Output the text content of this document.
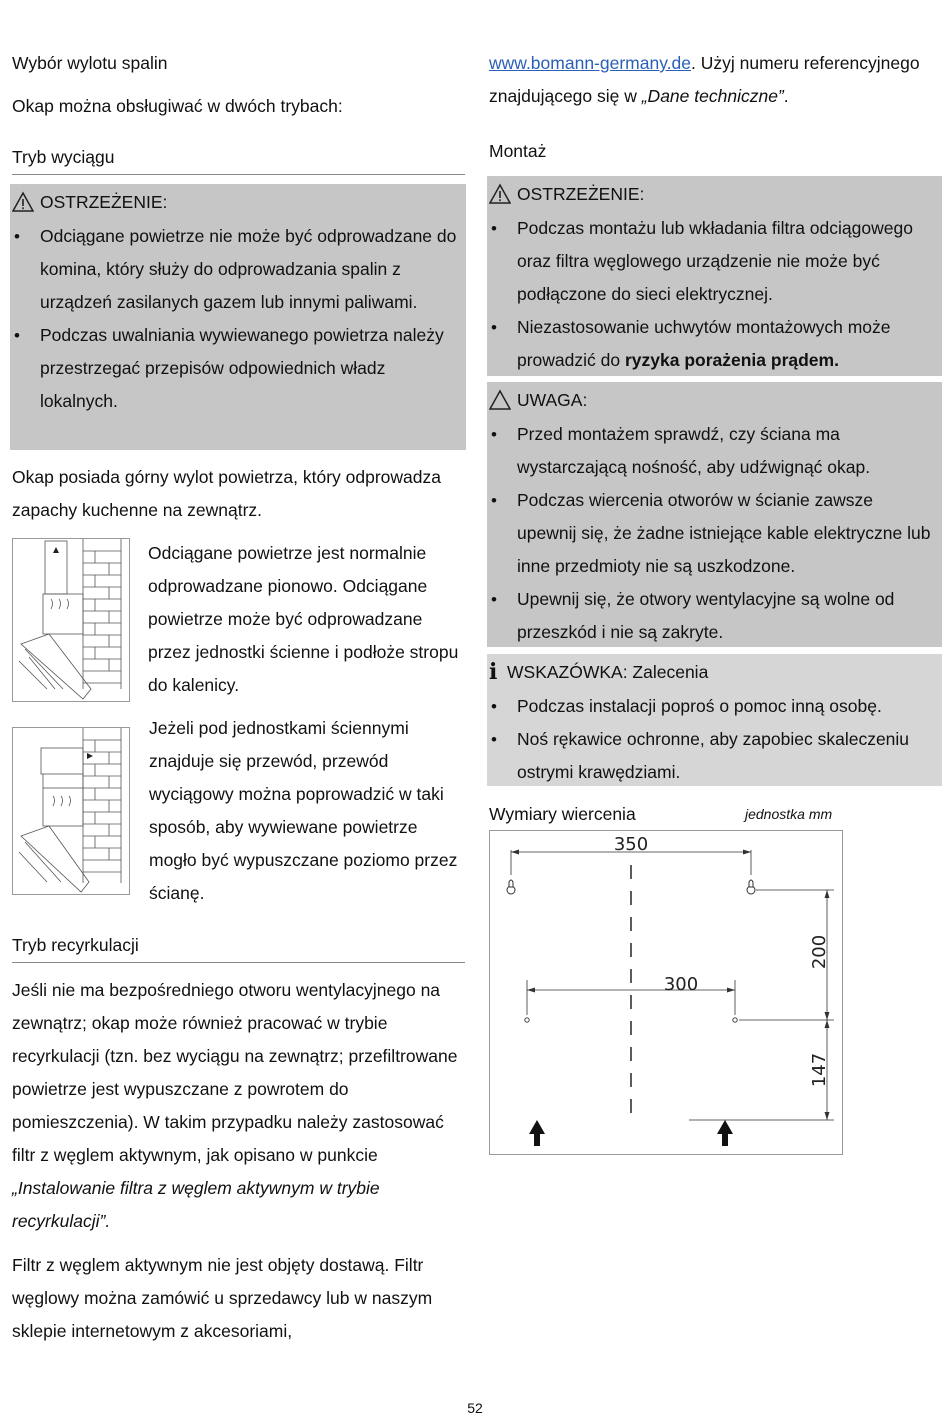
Wybór wylotu spalin
Okap można obsługiwać w dwóch trybach:
Tryb wyciągu
OSTRZEŻENIE:
• Odciągane powietrze nie może być odprowadzane do komina, który służy do odprowadzania spalin z urządzeń zasilanych gazem lub innymi paliwami.
• Podczas uwalniania wywiewanego powietrza należy przestrzegać przepisów odpowiednich władz lokalnych.
Okap posiada górny wylot powietrza, który odprowadza zapachy kuchenne na zewnątrz.
Odciągane powietrze jest normalnie odprowadzane pionowo. Odciągane powietrze może być odprowadzane przez jednostki ścienne i podłoże stropu do kalenicy.
Jeżeli pod jednostkami ściennymi znajduje się przewód, przewód wyciągowy można poprowadzić w taki sposób, aby wywiewane powietrze mogło być wypuszczane poziomo przez ścianę.
Tryb recyrkulacji
Jeśli nie ma bezpośredniego otworu wentylacyjnego na zewnątrz; okap może również pracować w trybie recyrkulacji (tzn. bez wyciągu na zewnątrz; przefiltrowane powietrze jest wypuszczane z powrotem do pomieszczenia). W takim przypadku należy zastosować filtr z węglem aktywnym, jak opisano w punkcie „Instalowanie filtra z węglem aktywnym w trybie recyrkulacji”.
Filtr z węglem aktywnym nie jest objęty dostawą. Filtr węglowy można zamówić u sprzedawcy lub w naszym sklepie internetowym z akcesoriami,
www.bomann-germany.de. Użyj numeru referencyjnego znajdującego się w „Dane techniczne”.
Montaż
OSTRZEŻENIE:
• Podczas montażu lub wkładania filtra odciągowego oraz filtra węglowego urządzenie nie może być podłączone do sieci elektrycznej.
• Niezastosowanie uchwytów montażowych może prowadzić do ryzyka porażenia prądem.
UWAGA:
• Przed montażem sprawdź, czy ściana ma wystarczającą nośność, aby udźwignąć okap.
• Podczas wiercenia otworów w ścianie zawsze upewnij się, że żadne istniejące kable elektryczne lub inne przedmioty nie są uszkodzone.
• Upewnij się, że otwory wentylacyjne są wolne od przeszkód i nie są zakryte.
i WSKAZÓWKA: Zalecenia
• Podczas instalacji poproś o pomoc inną osobę.
• Noś rękawice ochronne, aby zapobiec skaleczeniu ostrymi krawędziami.
Wymiary wiercenia	jednostka mm
350
200
147
300
52
